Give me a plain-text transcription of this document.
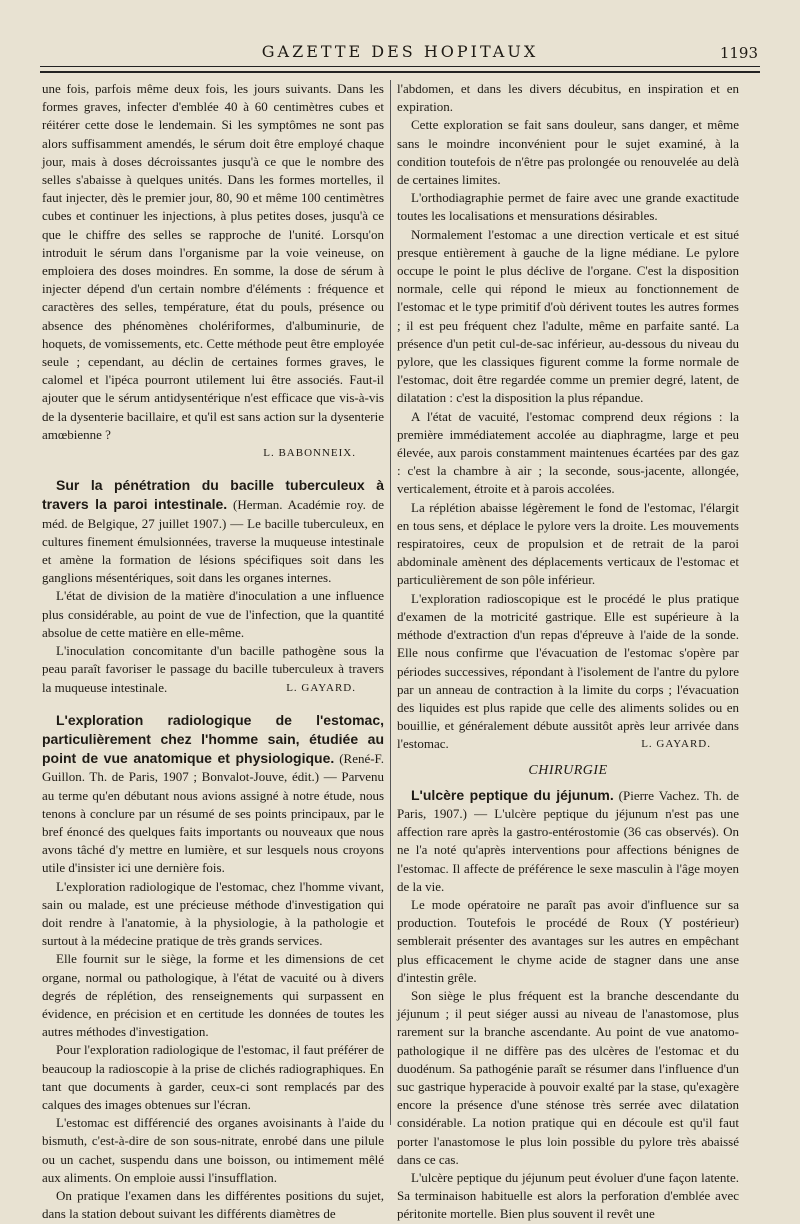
GAZETTE DES HOPITAUX	1193

une fois, parfois même deux fois, les jours suivants. Dans les formes graves, infecter d'emblée 40 à 60 centimètres cubes et réitérer cette dose le lendemain. Si les symptômes ne sont pas alors suffisamment amendés, le sérum doit être employé chaque jour, mais à doses décroissantes jusqu'à ce que le nombre des selles s'abaisse à quelques unités. Dans les formes mortelles, il faut injecter, dès le premier jour, 80, 90 et même 100 centimètres cubes et continuer les injections, à plus petites doses, jusqu'à ce que le chiffre des selles se rapproche de l'unité. Lorsqu'on introduit le sérum dans l'organisme par la voie veineuse, on emploiera des doses moindres. En somme, la dose de sérum à injecter dépend d'un certain nombre d'éléments : fréquence et caractères des selles, température, état du pouls, présence ou absence des phénomènes cholériformes, d'albuminurie, de hoquets, de vomissements, etc. Cette méthode peut être employée seule ; cependant, au déclin de certaines formes graves, le calomel et l'ipéca pourront utilement lui être associés. Faut-il ajouter que le sérum antidysentérique n'est efficace que vis-à-vis de la dysenterie bacillaire, et qu'il est sans action sur la dysenterie amœbienne ?

L. BABONNEIX.

Sur la pénétration du bacille tuberculeux à travers la paroi intestinale. (Herman. Académie roy. de méd. de Belgique, 27 juillet 1907.) — Le bacille tuberculeux, en cultures finement émulsionnées, traverse la muqueuse intestinale et amène la formation de lésions spécifiques soit dans les ganglions mésentériques, soit dans les organes internes.

L'état de division de la matière d'inoculation a une influence plus considérable, au point de vue de l'infection, que la quantité absolue de cette matière en elle-même.

L'inoculation concomitante d'un bacille pathogène sous la peau paraît favoriser le passage du bacille tuberculeux à travers la muqueuse intestinale.	L. GAYARD.

L'exploration radiologique de l'estomac, particulièrement chez l'homme sain, étudiée au point de vue anatomique et physiologique. (René-F. Guillon. Th. de Paris, 1907 ; Bonvalot-Jouve, édit.) — Parvenu au terme qu'en débutant nous avions assigné à notre étude, nous tenons à conclure par un résumé de ses points principaux, par le bref énoncé des quelques faits importants ou nouveaux que nous avons tâché d'y mettre en lumière, et sur lesquels nous croyons utile d'insister ici une dernière fois.

L'exploration radiologique de l'estomac, chez l'homme vivant, sain ou malade, est une précieuse méthode d'investigation qui doit rendre à l'anatomie, à la physiologie, à la pathologie et surtout à la médecine pratique de très grands services.

Elle fournit sur le siège, la forme et les dimensions de cet organe, normal ou pathologique, à l'état de vacuité ou à divers degrés de réplétion, des renseignements qui surpassent en évidence, en précision et en certitude les données de toutes les autres méthodes d'investigation.

Pour l'exploration radiologique de l'estomac, il faut préférer de beaucoup la radioscopie à la prise de clichés radiographiques. En tant que documents à garder, ceux-ci sont remplacés par des calques des images obtenues sur l'écran.

L'estomac est différencié des organes avoisinants à l'aide du bismuth, c'est-à-dire de son sous-nitrate, enrobé dans une pilule ou un cachet, suspendu dans une boisson, ou intimement mêlé aux aliments. On emploie aussi l'insufflation.

On pratique l'examen dans les différentes positions du sujet, dans la station debout suivant les différents diamètres de

l'abdomen, et dans les divers décubitus, en inspiration et en expiration.

Cette exploration se fait sans douleur, sans danger, et même sans le moindre inconvénient pour le sujet examiné, à la condition toutefois de n'être pas prolongée ou renouvelée au delà de certaines limites.

L'orthodiagraphie permet de faire avec une grande exactitude toutes les localisations et mensurations désirables.

Normalement l'estomac a une direction verticale et est situé presque entièrement à gauche de la ligne médiane. Le pylore occupe le point le plus déclive de l'organe. C'est la disposition normale, celle qui répond le mieux au fonctionnement de l'estomac et le type primitif d'où dérivent toutes les autres formes ; il est peu fréquent chez l'adulte, même en parfaite santé. La présence d'un petit cul-de-sac inférieur, au-dessous du niveau du pylore, que les classiques figurent comme la forme normale de l'estomac, doit être regardée comme un premier degré, latent, de dilatation : c'est la disposition la plus répandue.

A l'état de vacuité, l'estomac comprend deux régions : la première immédiatement accolée au diaphragme, large et peu élevée, aux parois constamment maintenues écartées par des gaz : c'est la chambre à air ; la seconde, sous-jacente, allongée, verticalement, étroite et à parois accolées.

La réplétion abaisse légèrement le fond de l'estomac, l'élargit en tous sens, et déplace le pylore vers la droite. Les mouvements respiratoires, ceux de propulsion et de retrait de la paroi abdominale amènent des déplacements verticaux de l'estomac et particulièrement de son pôle inférieur.

L'exploration radioscopique est le procédé le plus pratique d'examen de la motricité gastrique. Elle est supérieure à la méthode d'extraction d'un repas d'épreuve à l'aide de la sonde. Elle nous confirme que l'évacuation de l'estomac s'opère par périodes successives, répondant à l'isolement de l'antre du pylore par un anneau de contraction à la limite du corps ; l'évacuation des liquides est plus rapide que celle des aliments solides ou en bouillie, et généralement débute aussitôt après leur arrivée dans l'estomac.	L. GAYARD.

CHIRURGIE

L'ulcère peptique du jéjunum. (Pierre Vachez. Th. de Paris, 1907.) — L'ulcère peptique du jéjunum n'est pas une affection rare après la gastro-entérostomie (36 cas observés). On ne l'a noté qu'après interventions pour affections bénignes de l'estomac. Il affecte de préférence le sexe masculin à l'âge moyen de la vie.

Le mode opératoire ne paraît pas avoir d'influence sur sa production. Toutefois le procédé de Roux (Y postérieur) semblerait présenter des avantages sur les autres en empêchant plus efficacement le chyme acide de stagner dans une anse d'intestin grêle.

Son siège le plus fréquent est la branche descendante du jéjunum ; il peut siéger aussi au niveau de l'anastomose, plus rarement sur la branche ascendante. Au point de vue anatomo-pathologique il ne diffère pas des ulcères de l'estomac et du duodénum. Sa pathogénie paraît se résumer dans l'influence d'un suc gastrique hyperacide à pouvoir exalté par la stase, qu'exagère encore la présence d'une sténose très serrée avec dilatation considérable. La notion pratique qui en découle est qu'il faut porter l'anastomose le plus loin possible du pylore très abaissé dans ce cas.

L'ulcère peptique du jéjunum peut évoluer d'une façon latente. Sa terminaison habituelle est alors la perforation d'emblée avec péritonite mortelle. Bien plus souvent il revêt une
